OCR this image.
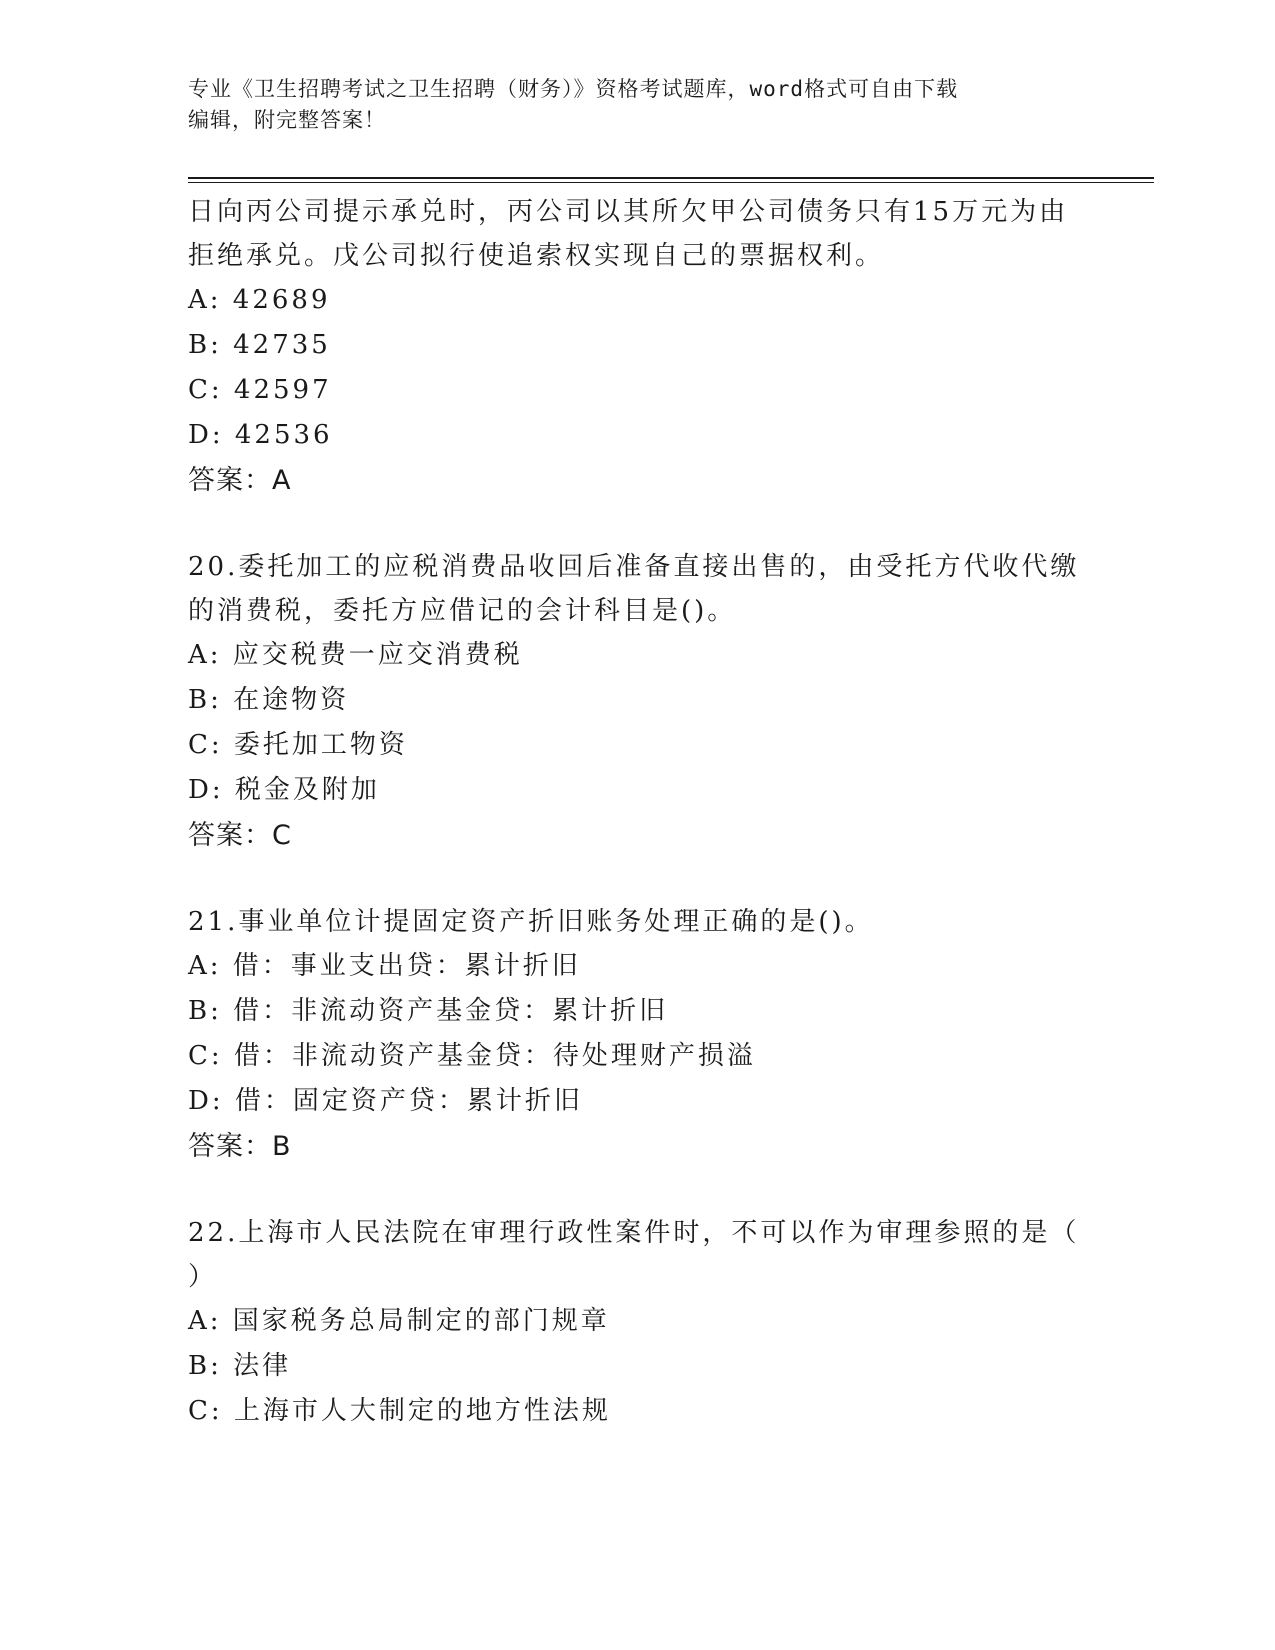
专业《卫生招聘考试之卫生招聘（财务）》资格考试题库，word格式可自由下载
编辑，附完整答案！

日向丙公司提示承兑时，丙公司以其所欠甲公司债务只有15万元为由

拒绝承兑。戊公司拟行使追索权实现自己的票据权利。

A: 42689

B: 42735

C: 42597

D: 42536

答案：A

20.委托加工的应税消费品收回后准备直接出售的，由受托方代收代缴

的消费税，委托方应借记的会计科目是()。

A: 应交税费一应交消费税

B: 在途物资

C: 委托加工物资

D: 税金及附加

答案：C

21.事业单位计提固定资产折旧账务处理正确的是()。

A: 借：事业支出贷：累计折旧

B: 借：非流动资产基金贷：累计折旧

C: 借：非流动资产基金贷：待处理财产损溢

D: 借：固定资产贷：累计折旧

答案：B

22.上海市人民法院在审理行政性案件时，不可以作为审理参照的是（

）

A: 国家税务总局制定的部门规章

B: 法律

C: 上海市人大制定的地方性法规
